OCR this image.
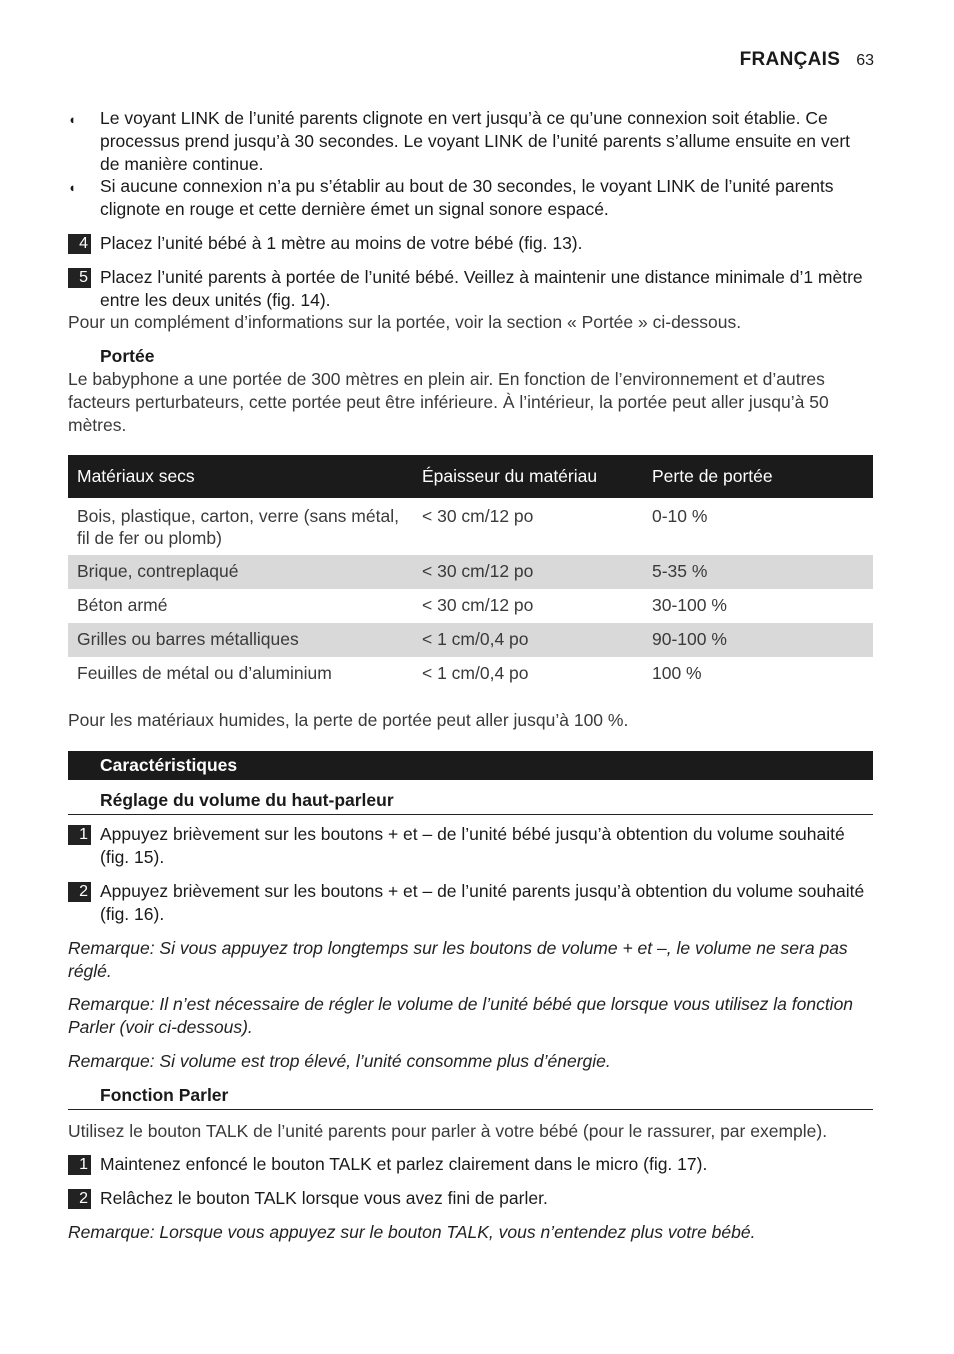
FRANÇAIS 63
◖ Le voyant LINK de l’unité parents clignote en vert jusqu’à ce qu’une connexion soit établie. Ce processus prend jusqu’à 30 secondes. Le voyant LINK de l’unité parents s’allume ensuite en vert de manière continue.
◖ Si aucune connexion n’a pu s’établir au bout de 30 secondes, le voyant LINK de l’unité parents clignote en rouge et cette dernière émet un signal sonore espacé.
4 Placez l’unité bébé à 1 mètre au moins de votre bébé (fig. 13).
5 Placez l’unité parents à portée de l’unité bébé. Veillez à maintenir une distance minimale d’1 mètre entre les deux unités (fig. 14).
Pour un complément d’informations sur la portée, voir la section « Portée » ci-dessous.
Portée
Le babyphone a une portée de 300 mètres en plein air. En fonction de l’environnement et d’autres facteurs perturbateurs, cette portée peut être inférieure. À l’intérieur, la portée peut aller jusqu’à 50 mètres.
Matériaux secs	Épaisseur du matériau	Perte de portée
Bois, plastique, carton, verre (sans métal, fil de fer ou plomb)	< 30 cm/12 po	0-10 %
Brique, contreplaqué	< 30 cm/12 po	5-35 %
Béton armé	< 30 cm/12 po	30-100 %
Grilles ou barres métalliques	< 1 cm/0,4 po	90-100 %
Feuilles de métal ou d’aluminium	< 1 cm/0,4 po	100 %
Pour les matériaux humides, la perte de portée peut aller jusqu’à 100 %.
Caractéristiques
Réglage du volume du haut-parleur
1 Appuyez brièvement sur les boutons + et – de l’unité bébé jusqu’à obtention du volume souhaité (fig. 15).
2 Appuyez brièvement sur les boutons + et – de l’unité parents jusqu’à obtention du volume souhaité (fig. 16).
Remarque: Si vous appuyez trop longtemps sur les boutons de volume + et –, le volume ne sera pas réglé.
Remarque: Il n’est nécessaire de régler le volume de l’unité bébé que lorsque vous utilisez la fonction Parler (voir ci-dessous).
Remarque: Si volume est trop élevé, l’unité consomme plus d’énergie.
Fonction Parler
Utilisez le bouton TALK de l’unité parents pour parler à votre bébé (pour le rassurer, par exemple).
1 Maintenez enfoncé le bouton TALK et parlez clairement dans le micro (fig. 17).
2 Relâchez le bouton TALK lorsque vous avez fini de parler.
Remarque: Lorsque vous appuyez sur le bouton TALK, vous n’entendez plus votre bébé.
